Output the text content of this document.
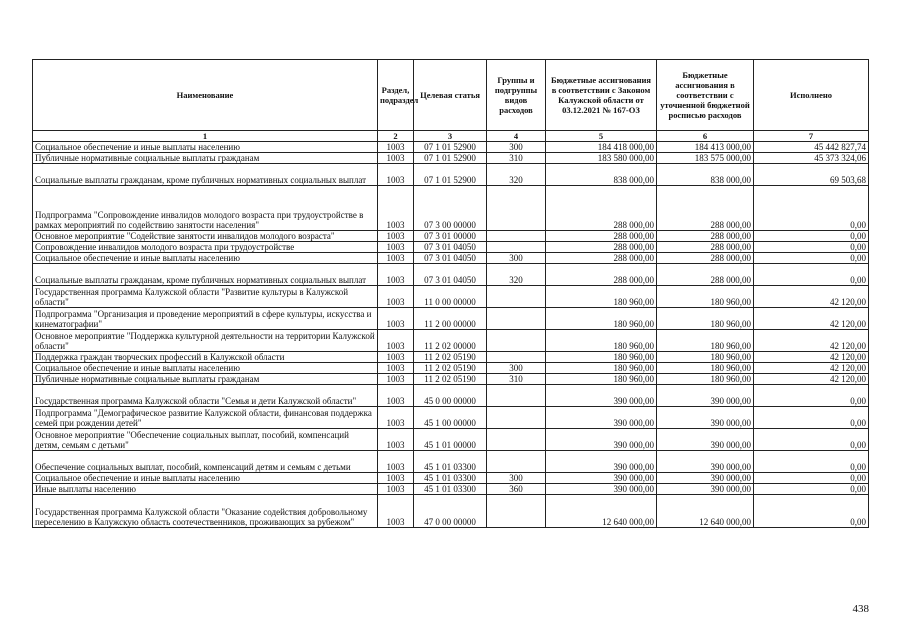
Наименование	Раздел, подраздел	Целевая статья	Группы и подгруппы видов расходов	Бюджетные ассигнования в соответствии с Законом Калужской области от 03.12.2021 № 167-ОЗ	Бюджетные ассигнования в соответствии с уточненной бюджетной росписью расходов	Исполнено
1	2	3	4	5	6	7
Социальное обеспечение и иные выплаты населению	1003	07 1 01 52900	300	184 418 000,00	184 413 000,00	45 442 827,74
Публичные нормативные социальные выплаты гражданам	1003	07 1 01 52900	310	183 580 000,00	183 575 000,00	45 373 324,06
Социальные выплаты гражданам, кроме публичных нормативных социальных выплат	1003	07 1 01 52900	320	838 000,00	838 000,00	69 503,68
Подпрограмма "Сопровождение инвалидов молодого возраста при трудоустройстве в рамках мероприятий по содействию занятости населения"	1003	07 3 00 00000		288 000,00	288 000,00	0,00
Основное мероприятие "Содействие занятости инвалидов молодого возраста"	1003	07 3 01 00000		288 000,00	288 000,00	0,00
Сопровождение инвалидов молодого возраста при трудоустройстве	1003	07 3 01 04050		288 000,00	288 000,00	0,00
Социальное обеспечение и иные выплаты населению	1003	07 3 01 04050	300	288 000,00	288 000,00	0,00
Социальные выплаты гражданам, кроме публичных нормативных социальных выплат	1003	07 3 01 04050	320	288 000,00	288 000,00	0,00
Государственная программа Калужской области "Развитие культуры в Калужской области"	1003	11 0 00 00000		180 960,00	180 960,00	42 120,00
Подпрограмма "Организация и проведение мероприятий в сфере культуры, искусства и кинематографии"	1003	11 2 00 00000		180 960,00	180 960,00	42 120,00
Основное мероприятие "Поддержка культурной деятельности на территории Калужской области"	1003	11 2 02 00000		180 960,00	180 960,00	42 120,00
Поддержка граждан творческих профессий в Калужской области	1003	11 2 02 05190		180 960,00	180 960,00	42 120,00
Социальное обеспечение и иные выплаты населению	1003	11 2 02 05190	300	180 960,00	180 960,00	42 120,00
Публичные нормативные социальные выплаты гражданам	1003	11 2 02 05190	310	180 960,00	180 960,00	42 120,00
Государственная программа Калужской области "Семья и дети Калужской области"	1003	45 0 00 00000		390 000,00	390 000,00	0,00
Подпрограмма "Демографическое развитие Калужской области, финансовая поддержка семей при рождении детей"	1003	45 1 00 00000		390 000,00	390 000,00	0,00
Основное мероприятие "Обеспечение социальных выплат, пособий, компенсаций детям, семьям с детьми"	1003	45 1 01 00000		390 000,00	390 000,00	0,00
Обеспечение социальных выплат, пособий, компенсаций детям и семьям с детьми	1003	45 1 01 03300		390 000,00	390 000,00	0,00
Социальное обеспечение и иные выплаты населению	1003	45 1 01 03300	300	390 000,00	390 000,00	0,00
Иные выплаты населению	1003	45 1 01 03300	360	390 000,00	390 000,00	0,00
Государственная программа Калужской области "Оказание содействия добровольному переселению в Калужскую область соотечественников, проживающих за рубежом"	1003	47 0 00 00000		12 640 000,00	12 640 000,00	0,00
438
